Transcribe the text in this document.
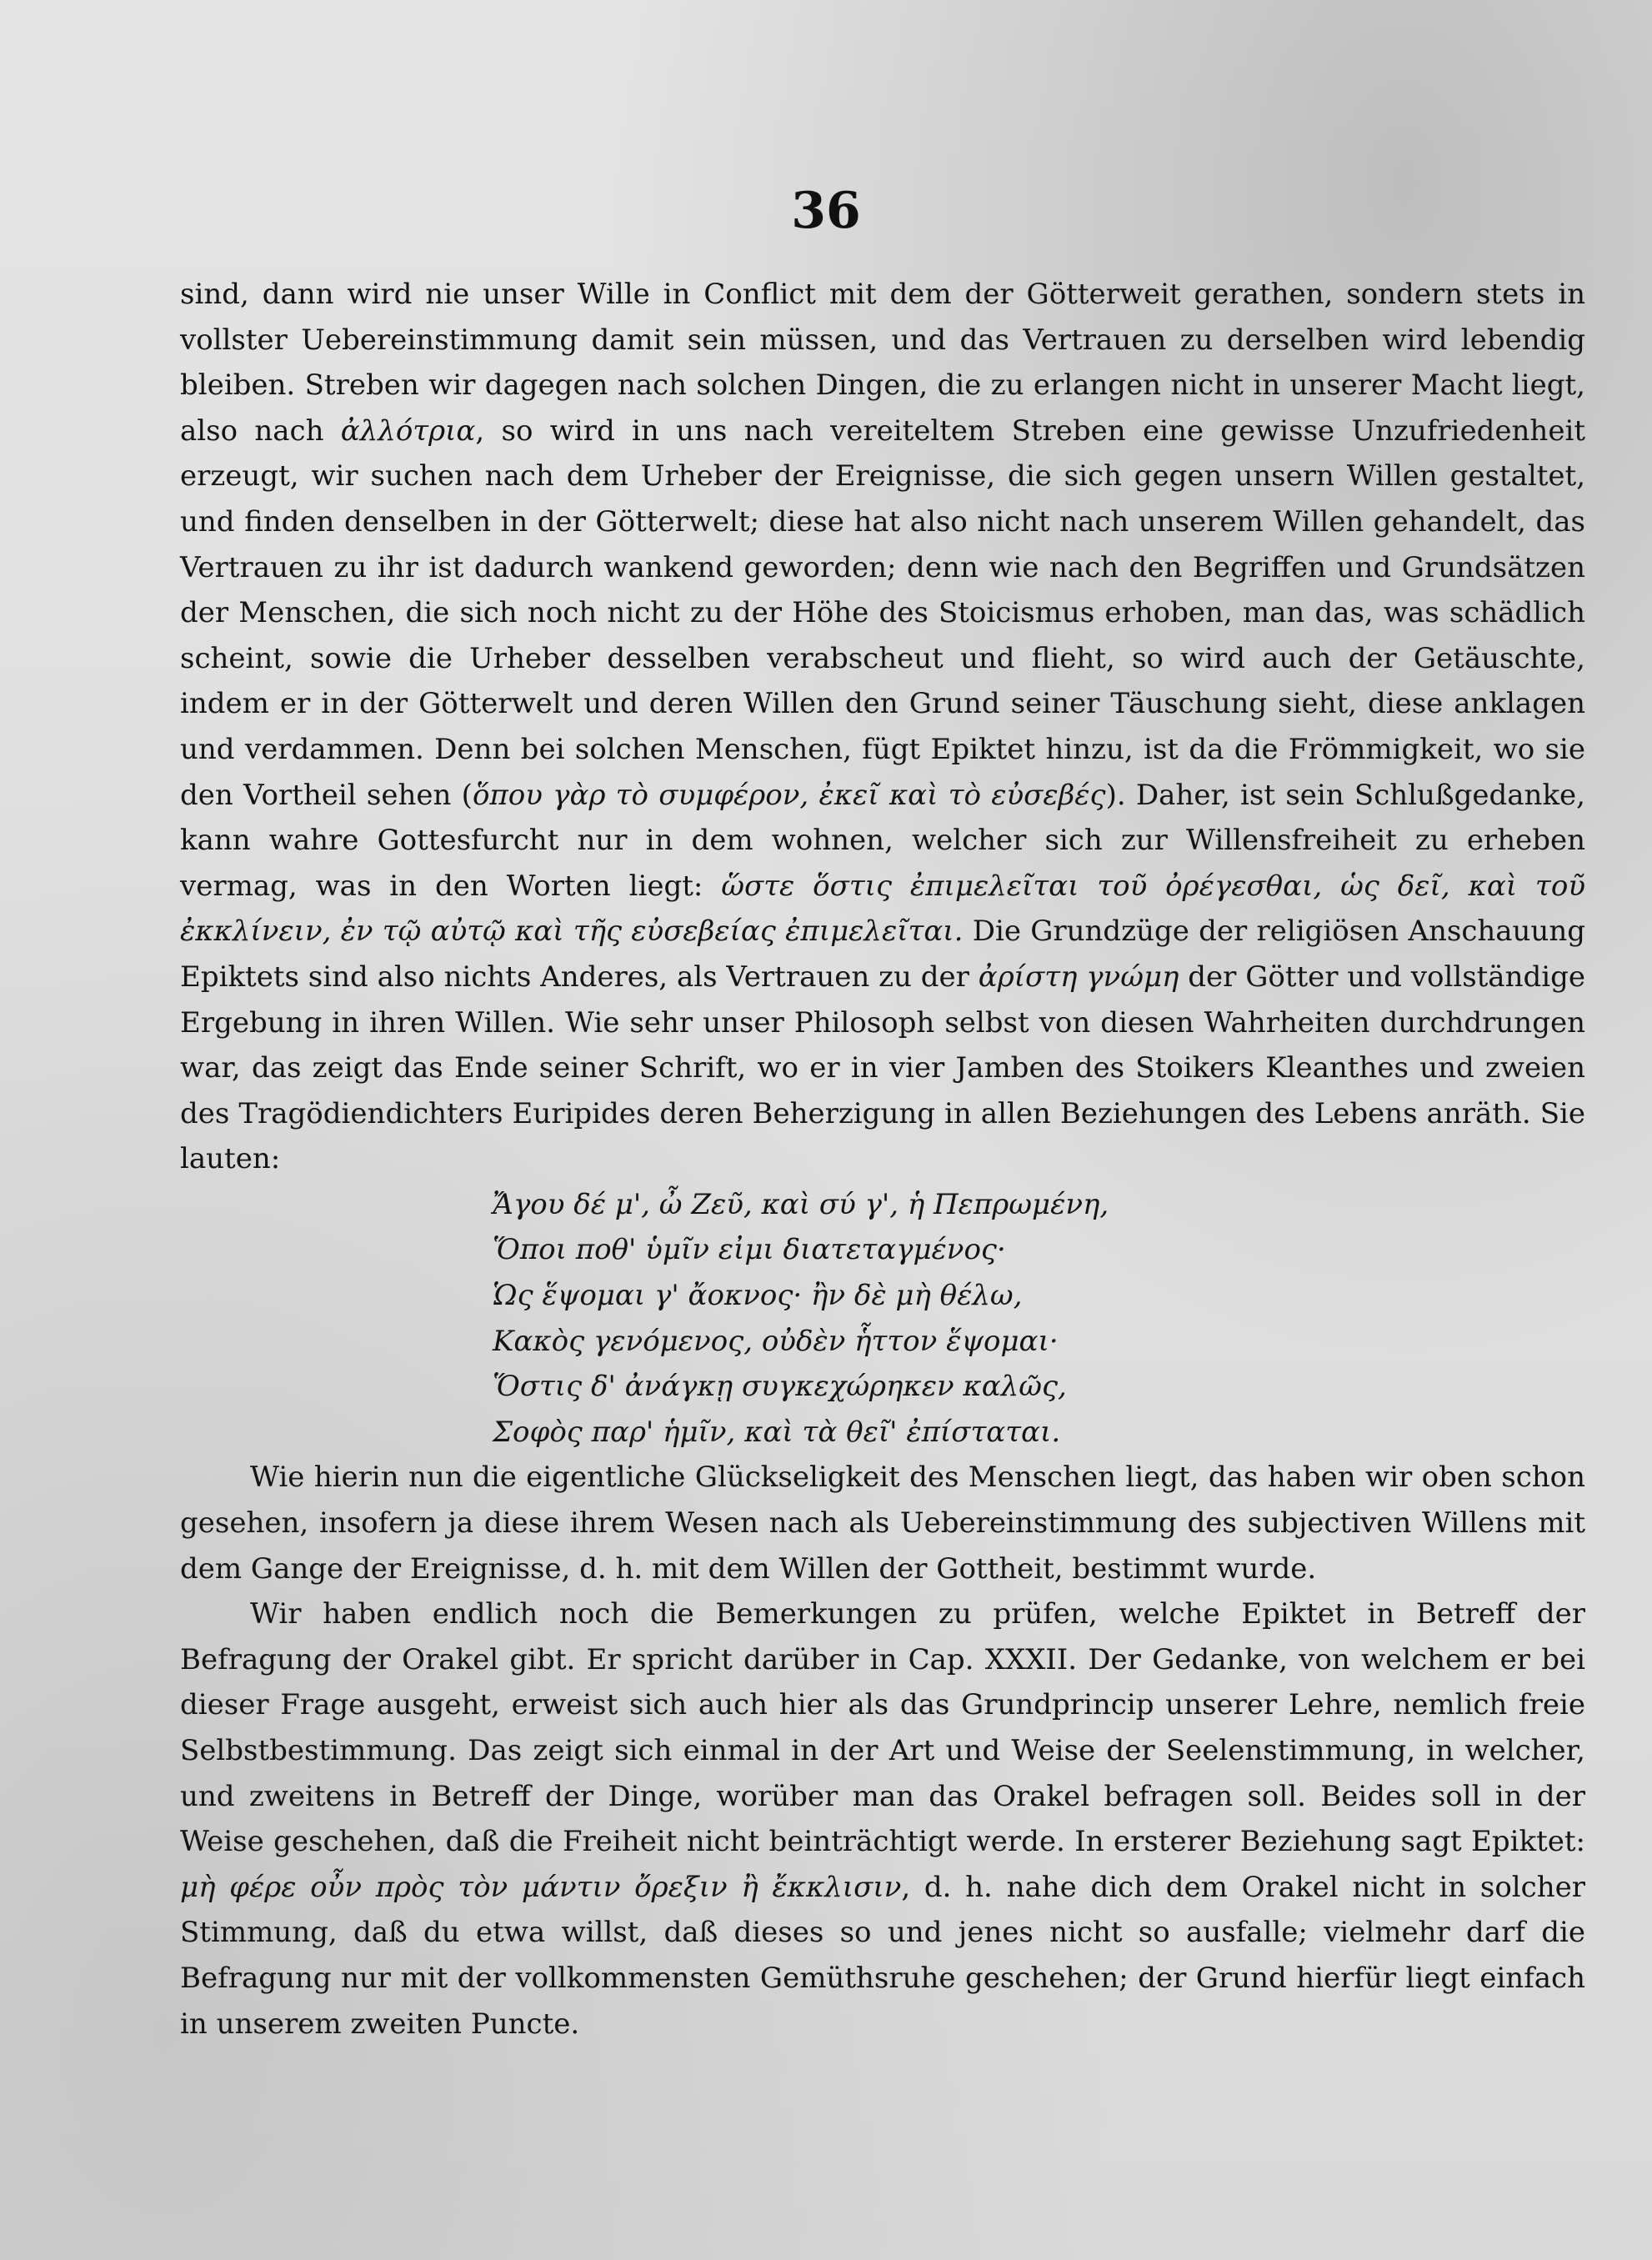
36

sind, dann wird nie unser Wille in Conflict mit dem der Götterweit gerathen, sondern stets in vollster Uebereinstimmung damit sein müssen, und das Vertrauen zu derselben wird lebendig bleiben. Streben wir dagegen nach solchen Dingen, die zu erlangen nicht in unserer Macht liegt, also nach ἀλλότρια, so wird in uns nach vereiteltem Streben eine gewisse Unzufriedenheit erzeugt, wir suchen nach dem Urheber der Ereignisse, die sich gegen unsern Willen gestaltet, und finden denselben in der Götterwelt; diese hat also nicht nach unserem Willen gehandelt, das Vertrauen zu ihr ist dadurch wankend geworden; denn wie nach den Begriffen und Grundsätzen der Menschen, die sich noch nicht zu der Höhe des Stoicismus erhoben, man das, was schädlich scheint, sowie die Urheber desselben verabscheut und flieht, so wird auch der Getäuschte, indem er in der Götterwelt und deren Willen den Grund seiner Täuschung sieht, diese anklagen und verdammen. Denn bei solchen Menschen, fügt Epiktet hinzu, ist da die Frömmigkeit, wo sie den Vortheil sehen (ὅπου γὰρ τὸ συμφέρον, ἐκεῖ καὶ τὸ εὐσεβές). Daher, ist sein Schlußgedanke, kann wahre Gottesfurcht nur in dem wohnen, welcher sich zur Willensfreiheit zu erheben vermag, was in den Worten liegt: ὥστε ὅστις ἐπιμελεῖται τοῦ ὀρέγεσθαι, ὡς δεῖ, καὶ τοῦ ἐκκλίνειν, ἐν τῷ αὐτῷ καὶ τῆς εὐσεβείας ἐπιμελεῖται. Die Grundzüge der religiösen Anschauung Epiktets sind also nichts Anderes, als Vertrauen zu der ἀρίστη γνώμη der Götter und vollständige Ergebung in ihren Willen. Wie sehr unser Philosoph selbst von diesen Wahrheiten durchdrungen war, das zeigt das Ende seiner Schrift, wo er in vier Jamben des Stoikers Kleanthes und zweien des Tragödiendichters Euripides deren Beherzigung in allen Beziehungen des Lebens anräth. Sie lauten:

Ἄγου δέ μ', ὦ Ζεῦ, καὶ σύ γ', ἡ Πεπρωμένη,
Ὅποι ποθ' ὑμῖν εἰμι διατεταγμένος·
Ὡς ἕψομαι γ' ἄοκνος· ἢν δὲ μὴ θέλω,
Κακὸς γενόμενος, οὐδὲν ἧττον ἕψομαι·
Ὅστις δ' ἀνάγκῃ συγκεχώρηκεν καλῶς,
Σοφὸς παρ' ἡμῖν, καὶ τὰ θεῖ' ἐπίσταται.

Wie hierin nun die eigentliche Glückseligkeit des Menschen liegt, das haben wir oben schon gesehen, insofern ja diese ihrem Wesen nach als Uebereinstimmung des subjectiven Willens mit dem Gange der Ereignisse, d. h. mit dem Willen der Gottheit, bestimmt wurde.

Wir haben endlich noch die Bemerkungen zu prüfen, welche Epiktet in Betreff der Befragung der Orakel gibt. Er spricht darüber in Cap. XXXII. Der Gedanke, von welchem er bei dieser Frage ausgeht, erweist sich auch hier als das Grundprincip unserer Lehre, nemlich freie Selbstbestimmung. Das zeigt sich einmal in der Art und Weise der Seelenstimmung, in welcher, und zweitens in Betreff der Dinge, worüber man das Orakel befragen soll. Beides soll in der Weise geschehen, daß die Freiheit nicht beinträchtigt werde. In ersterer Beziehung sagt Epiktet: μὴ φέρε οὖν πρὸς τὸν μάντιν ὄρεξιν ἢ ἔκκλισιν, d. h. nahe dich dem Orakel nicht in solcher Stimmung, daß du etwa willst, daß dieses so und jenes nicht so ausfalle; vielmehr darf die Befragung nur mit der vollkommensten Gemüthsruhe geschehen; der Grund hierfür liegt einfach in unserem zweiten Puncte.
